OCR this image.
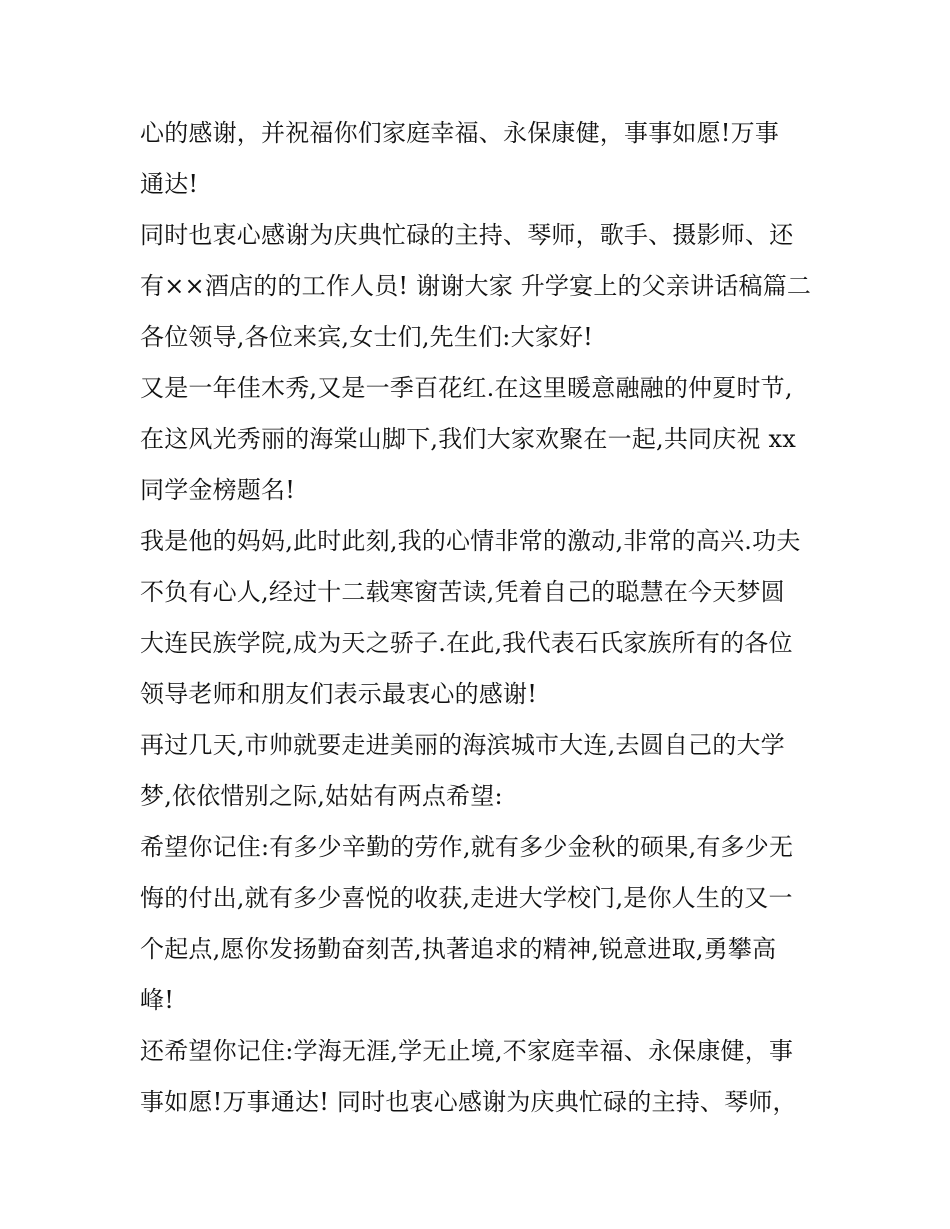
心的感谢，并祝福你们家庭幸福、永保康健，事事如愿!万事
通达!
同时也衷心感谢为庆典忙碌的主持、琴师，歌手、摄影师、还
有××酒店的的工作人员! 谢谢大家 升学宴上的父亲讲话稿篇二
各位领导,各位来宾,女士们,先生们:大家好!
又是一年佳木秀,又是一季百花红.在这里暖意融融的仲夏时节,
在这风光秀丽的海棠山脚下,我们大家欢聚在一起,共同庆祝 xx
同学金榜题名!
我是他的妈妈,此时此刻,我的心情非常的激动,非常的高兴.功夫
不负有心人,经过十二载寒窗苦读,凭着自己的聪慧在今天梦圆
大连民族学院,成为天之骄子.在此,我代表石氏家族所有的各位
领导老师和朋友们表示最衷心的感谢!
再过几天,市帅就要走进美丽的海滨城市大连,去圆自己的大学
梦,依依惜别之际,姑姑有两点希望:
希望你记住:有多少辛勤的劳作,就有多少金秋的硕果,有多少无
悔的付出,就有多少喜悦的收获,走进大学校门,是你人生的又一
个起点,愿你发扬勤奋刻苦,执著追求的精神,锐意进取,勇攀高
峰!
还希望你记住:学海无涯,学无止境,不家庭幸福、永保康健，事
事如愿!万事通达! 同时也衷心感谢为庆典忙碌的主持、琴师，
